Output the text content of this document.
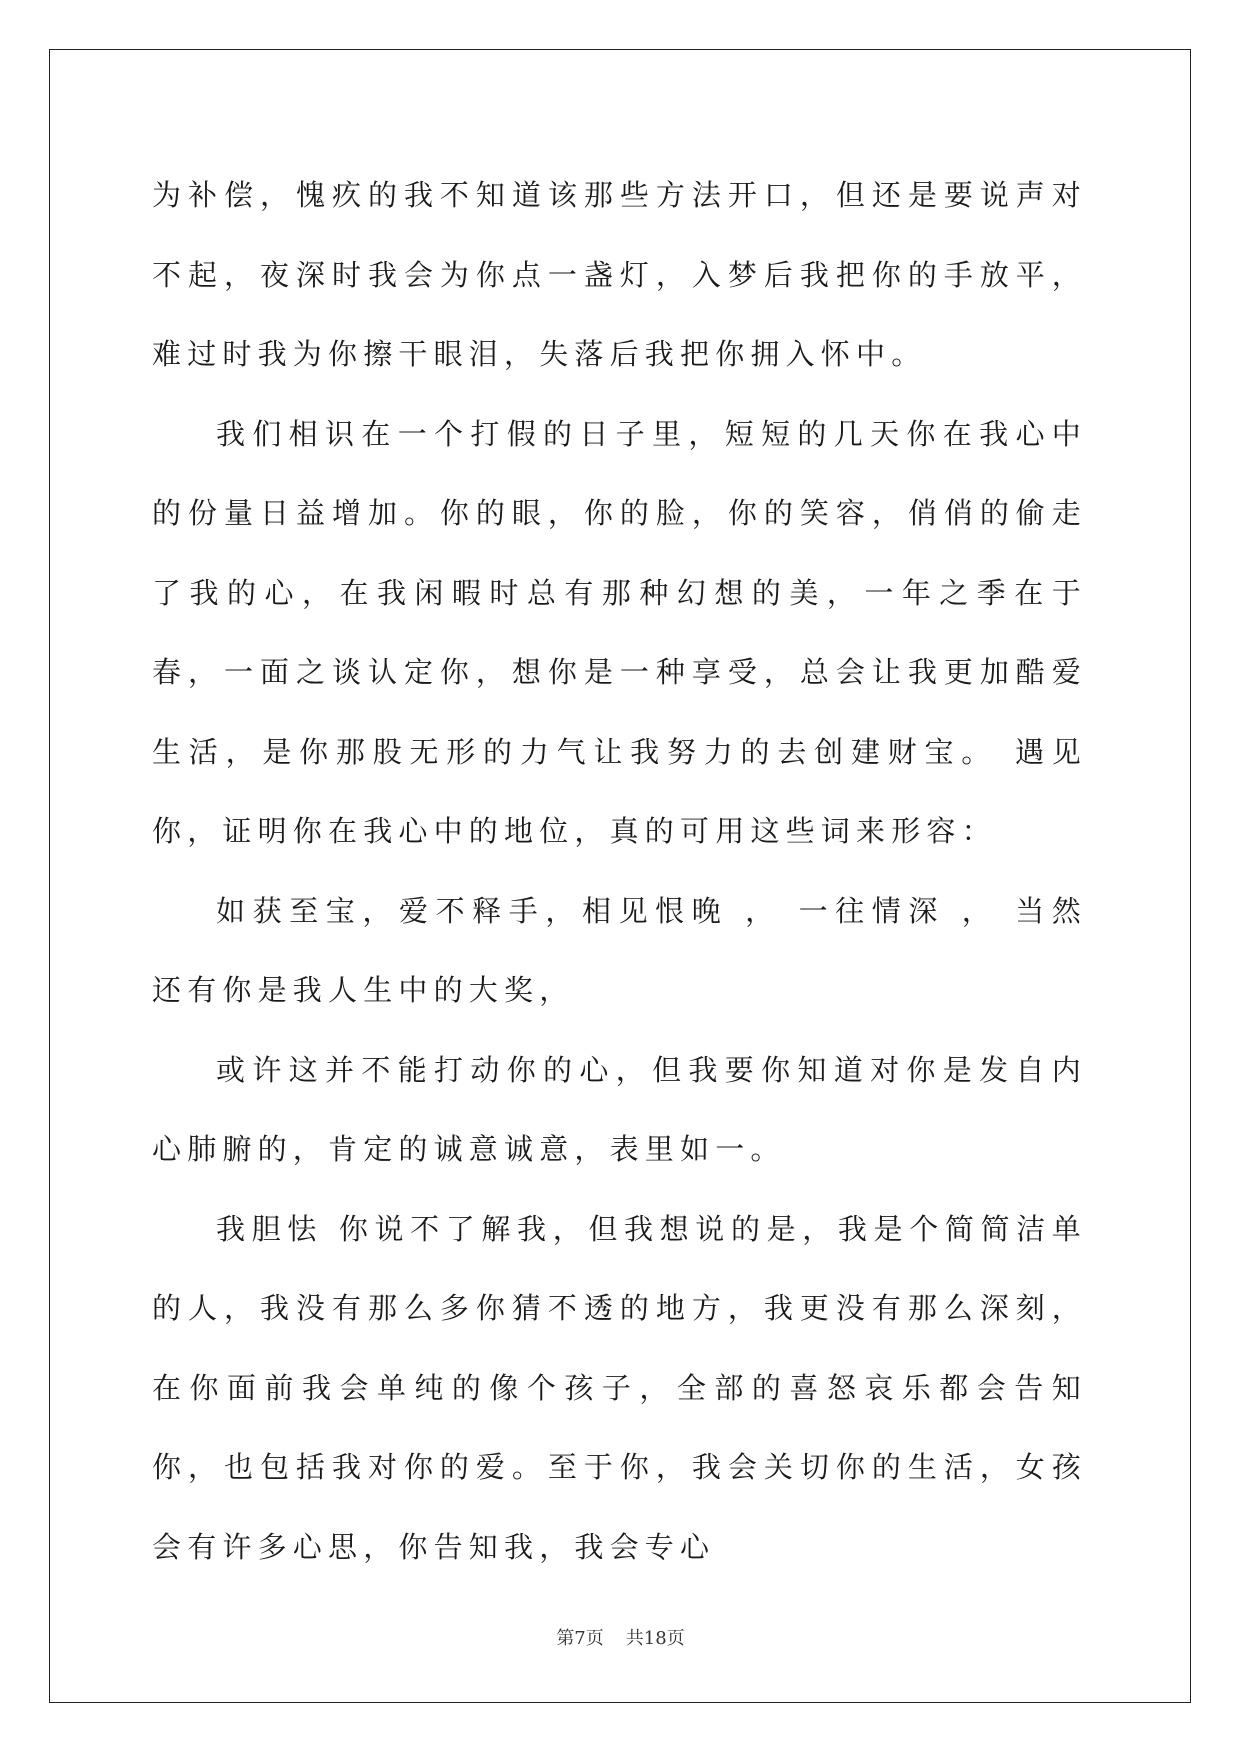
为补偿，愧疚的我不知道该那些方法开口，但还是要说声对不起，夜深时我会为你点一盏灯，入梦后我把你的手放平，难过时我为你擦干眼泪，失落后我把你拥入怀中。

我们相识在一个打假的日子里，短短的几天你在我心中的份量日益增加。你的眼，你的脸，你的笑容，俏俏的偷走了我的心，在我闲暇时总有那种幻想的美，一年之季在于春，一面之谈认定你，想你是一种享受，总会让我更加酷爱生活，是你那股无形的力气让我努力的去创建财宝。 遇见你，证明你在我心中的地位，真的可用这些词来形容：

如获至宝，爱不释手，相见恨晚 ， 一往情深 ， 当然还有你是我人生中的大奖，

或许这并不能打动你的心，但我要你知道对你是发自内心肺腑的，肯定的诚意诚意，表里如一。

我胆怯 你说不了解我，但我想说的是，我是个简简洁单的人，我没有那么多你猜不透的地方，我更没有那么深刻，在你面前我会单纯的像个孩子，全部的喜怒哀乐都会告知你，也包括我对你的爱。至于你，我会关切你的生活，女孩会有许多心思，你告知我，我会专心

第7页 共18页
